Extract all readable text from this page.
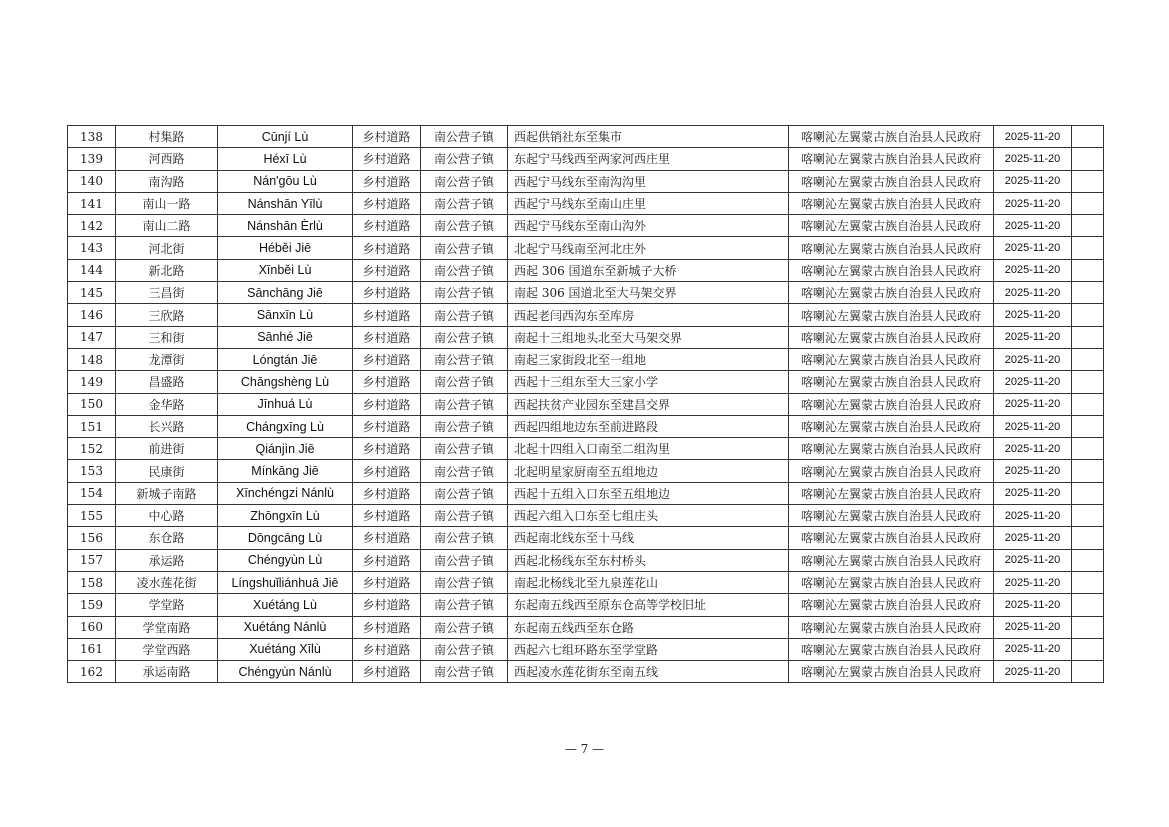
138	村集路	Cūnjí Lù	乡村道路	南公营子镇	西起供销社东至集市	喀喇沁左翼蒙古族自治县人民政府	2025-11-20	
139	河西路	Héxī Lù	乡村道路	南公营子镇	东起宁马线西至两家河西庄里	喀喇沁左翼蒙古族自治县人民政府	2025-11-20	
140	南沟路	Nán'gōu Lù	乡村道路	南公营子镇	西起宁马线东至南沟沟里	喀喇沁左翼蒙古族自治县人民政府	2025-11-20	
141	南山一路	Nánshān Yīlù	乡村道路	南公营子镇	西起宁马线东至南山庄里	喀喇沁左翼蒙古族自治县人民政府	2025-11-20	
142	南山二路	Nánshān Èrlù	乡村道路	南公营子镇	西起宁马线东至南山沟外	喀喇沁左翼蒙古族自治县人民政府	2025-11-20	
143	河北街	Héběi Jiē	乡村道路	南公营子镇	北起宁马线南至河北庄外	喀喇沁左翼蒙古族自治县人民政府	2025-11-20	
144	新北路	Xīnběi Lù	乡村道路	南公营子镇	西起 306 国道东至新城子大桥	喀喇沁左翼蒙古族自治县人民政府	2025-11-20	
145	三昌街	Sānchāng Jiē	乡村道路	南公营子镇	南起 306 国道北至大马架交界	喀喇沁左翼蒙古族自治县人民政府	2025-11-20	
146	三欣路	Sānxīn Lù	乡村道路	南公营子镇	西起老闫西沟东至库房	喀喇沁左翼蒙古族自治县人民政府	2025-11-20	
147	三和街	Sānhé Jiē	乡村道路	南公营子镇	南起十三组地头北至大马架交界	喀喇沁左翼蒙古族自治县人民政府	2025-11-20	
148	龙潭街	Lóngtán Jiē	乡村道路	南公营子镇	南起三家街段北至一组地	喀喇沁左翼蒙古族自治县人民政府	2025-11-20	
149	昌盛路	Chāngshèng Lù	乡村道路	南公营子镇	西起十三组东至大三家小学	喀喇沁左翼蒙古族自治县人民政府	2025-11-20	
150	金华路	Jīnhuá Lù	乡村道路	南公营子镇	西起扶贫产业园东至建昌交界	喀喇沁左翼蒙古族自治县人民政府	2025-11-20	
151	长兴路	Chángxīng Lù	乡村道路	南公营子镇	西起四组地边东至前进路段	喀喇沁左翼蒙古族自治县人民政府	2025-11-20	
152	前进街	Qiánjìn Jiē	乡村道路	南公营子镇	北起十四组入口南至二组沟里	喀喇沁左翼蒙古族自治县人民政府	2025-11-20	
153	民康街	Mínkāng Jiē	乡村道路	南公营子镇	北起明星家厨南至五组地边	喀喇沁左翼蒙古族自治县人民政府	2025-11-20	
154	新城子南路	Xīnchéngzi Nánlù	乡村道路	南公营子镇	西起十五组入口东至五组地边	喀喇沁左翼蒙古族自治县人民政府	2025-11-20	
155	中心路	Zhōngxīn Lù	乡村道路	南公营子镇	西起六组入口东至七组庄头	喀喇沁左翼蒙古族自治县人民政府	2025-11-20	
156	东仓路	Dōngcāng Lù	乡村道路	南公营子镇	西起南北线东至十马线	喀喇沁左翼蒙古族自治县人民政府	2025-11-20	
157	承运路	Chéngyùn Lù	乡村道路	南公营子镇	西起北杨线东至东村桥头	喀喇沁左翼蒙古族自治县人民政府	2025-11-20	
158	凌水莲花街	Língshuǐliánhuā Jiē	乡村道路	南公营子镇	南起北杨线北至九泉莲花山	喀喇沁左翼蒙古族自治县人民政府	2025-11-20	
159	学堂路	Xuétáng Lù	乡村道路	南公营子镇	东起南五线西至原东仓高等学校旧址	喀喇沁左翼蒙古族自治县人民政府	2025-11-20	
160	学堂南路	Xuétáng Nánlù	乡村道路	南公营子镇	东起南五线西至东仓路	喀喇沁左翼蒙古族自治县人民政府	2025-11-20	
161	学堂西路	Xuétáng Xīlù	乡村道路	南公营子镇	西起六七组环路东至学堂路	喀喇沁左翼蒙古族自治县人民政府	2025-11-20	
162	承运南路	Chéngyùn Nánlù	乡村道路	南公营子镇	西起凌水莲花街东至南五线	喀喇沁左翼蒙古族自治县人民政府	2025-11-20	
— 7 —
